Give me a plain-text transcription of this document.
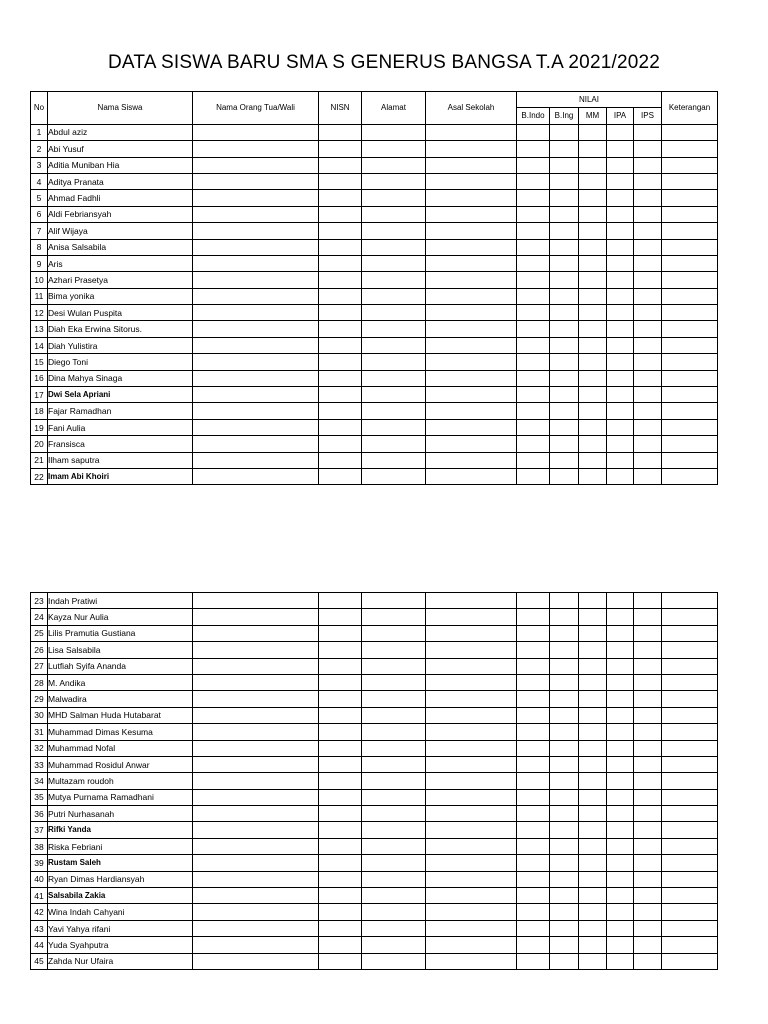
DATA SISWA BARU SMA S GENERUS BANGSA T.A 2021/2022
No	Nama Siswa	Nama Orang Tua/Wali	NISN	Alamat	Asal Sekolah	NILAI					Keterangan
						B.Indo	B.Ing	MM	IPA	IPS	
1	Abdul aziz										
2	Abi Yusuf										
3	Aditia Muniban Hia										
4	Aditya Pranata										
5	Ahmad Fadhli										
6	Aldi Febriansyah										
7	Alif Wijaya										
8	Anisa Salsabila										
9	Aris										
10	Azhari Prasetya										
11	Bima yonika										
12	Desi Wulan Puspita										
13	Diah Eka Erwina Sitorus.										
14	Diah Yulistira										
15	Diego Toni										
16	Dina Mahya Sinaga										
17	Dwi Sela Apriani										
18	Fajar Ramadhan										
19	Fani Aulia										
20	Fransisca										
21	Ilham saputra										
22	Imam Abi Khoiri										
23	Indah Pratiwi										
24	Kayza Nur Aulia										
25	Lilis Pramutia Gustiana										
26	Lisa Salsabila										
27	Lutfiah Syifa Ananda										
28	M. Andika										
29	Malwadira										
30	MHD Salman Huda Hutabarat										
31	Muhammad Dimas Kesuma										
32	Muhammad Nofal										
33	Muhammad Rosidul Anwar										
34	Multazam roudoh										
35	Mutya Purnama Ramadhani										
36	Putri Nurhasanah										
37	Rifki Yanda										
38	Riska Febriani										
39	Rustam Saleh										
40	Ryan Dimas Hardiansyah										
41	Salsabila Zakia										
42	Wina Indah Cahyani										
43	Yavi Yahya rifani										
44	Yuda Syahputra										
45	Zahda Nur Ufaira										
